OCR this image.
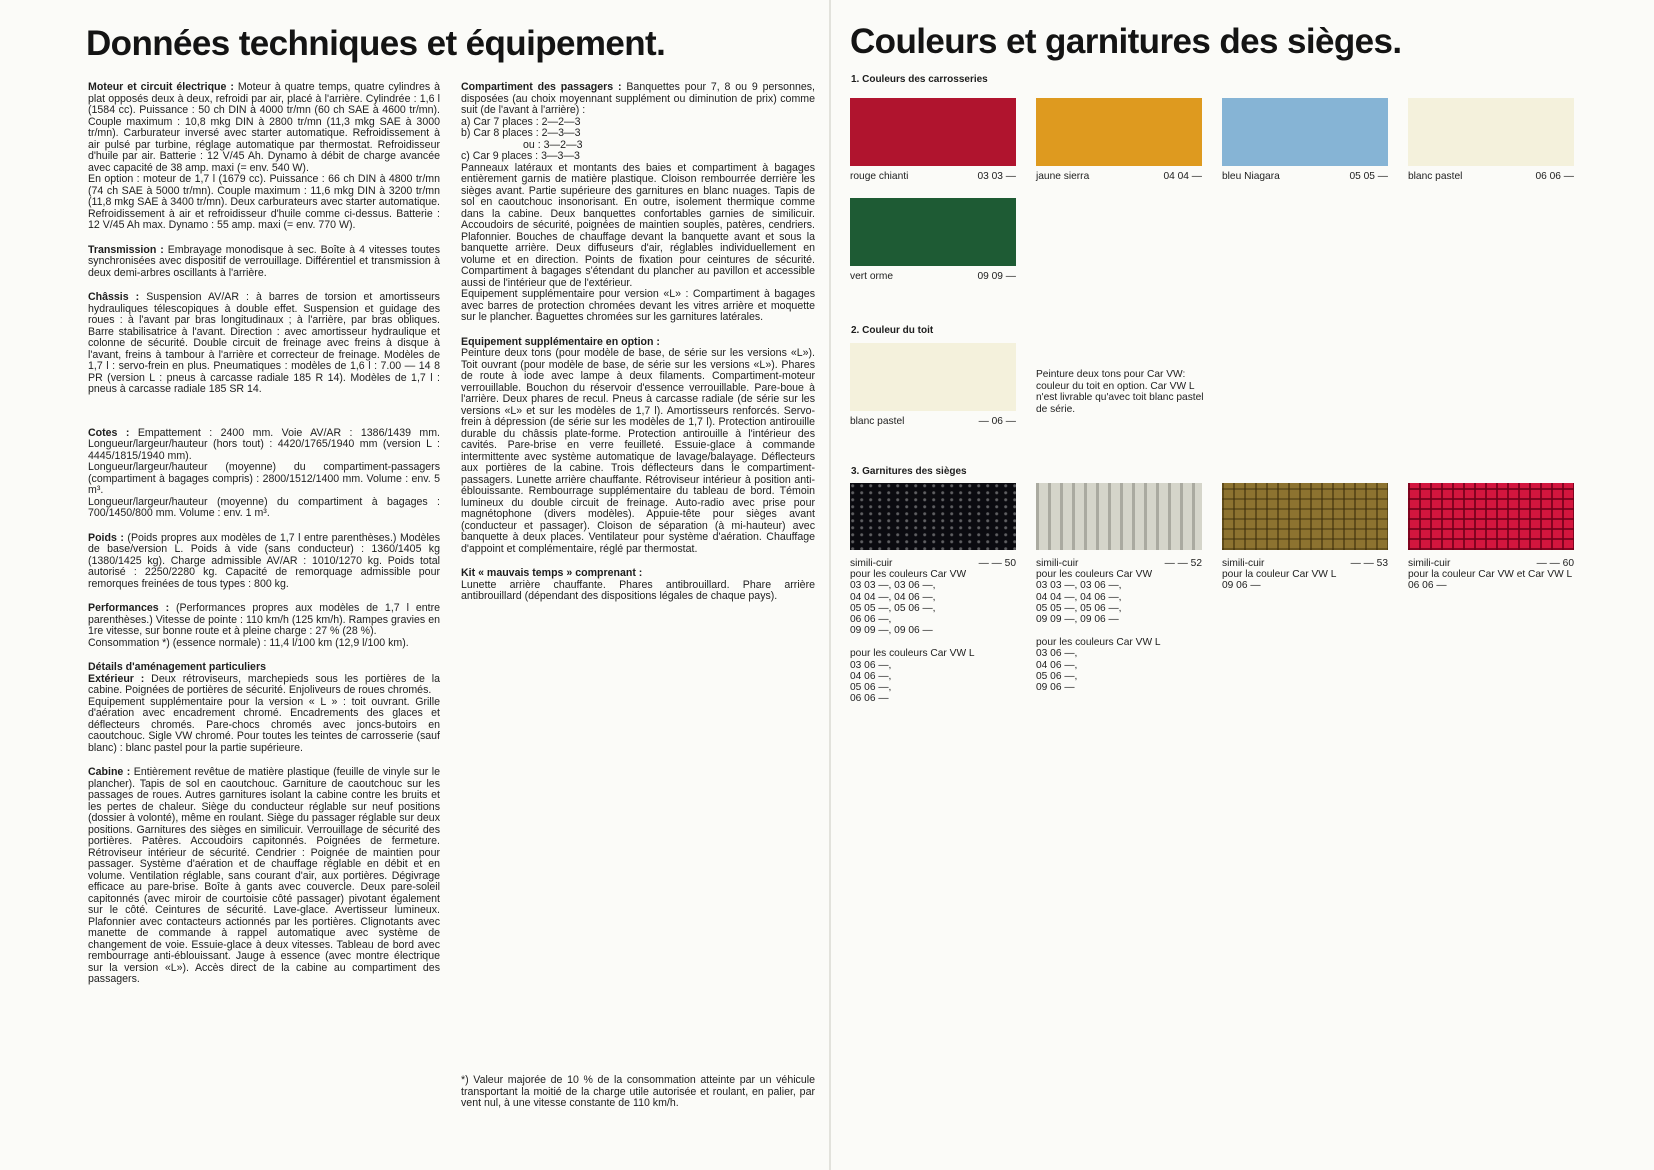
Données techniques et équipement.

Moteur et circuit électrique : Moteur à quatre temps, quatre cylindres à plat opposés deux à deux, refroidi par air, placé à l'arrière. Cylindrée : 1,6 l (1584 cc). Puissance : 50 ch DIN à 4000 tr/mn (60 ch SAE à 4600 tr/mn). Couple maximum : 10,8 mkg DIN à 2800 tr/mn (11,3 mkg SAE à 3000 tr/mn). Carburateur inversé avec starter automatique. Refroidissement à air pulsé par turbine, réglage automatique par thermostat. Refroidisseur d'huile par air. Batterie : 12 V/45 Ah. Dynamo à débit de charge avancée avec capacité de 38 amp. maxi (= env. 540 W).

En option : moteur de 1,7 l (1679 cc). Puissance : 66 ch DIN à 4800 tr/mn (74 ch SAE à 5000 tr/mn). Couple maximum : 11,6 mkg DIN à 3200 tr/mn (11,8 mkg SAE à 3400 tr/mn). Deux carburateurs avec starter automatique. Refroidissement à air et refroidisseur d'huile comme ci-dessus. Batterie : 12 V/45 Ah max. Dynamo : 55 amp. maxi (= env. 770 W).

Transmission : Embrayage monodisque à sec. Boîte à 4 vitesses toutes synchronisées avec dispositif de verrouillage. Différentiel et transmission à deux demi-arbres oscillants à l'arrière.

Châssis : Suspension AV/AR : à barres de torsion et amortisseurs hydrauliques télescopiques à double effet. Suspension et guidage des roues : à l'avant par bras longitudinaux ; à l'arrière, par bras obliques. Barre stabilisatrice à l'avant. Direction : avec amortisseur hydraulique et colonne de sécurité. Double circuit de freinage avec freins à disque à l'avant, freins à tambour à l'arrière et correcteur de freinage. Modèles de 1,7 l : servo-frein en plus. Pneumatiques : modèles de 1,6 l : 7.00 — 14 8 PR (version L : pneus à carcasse radiale 185 R 14). Modèles de 1,7 l : pneus à carcasse radiale 185 SR 14.

Cotes : Empattement : 2400 mm. Voie AV/AR : 1386/1439 mm. Longueur/largeur/hauteur (hors tout) : 4420/1765/1940 mm (version L : 4445/1815/1940 mm).
Longueur/largeur/hauteur (moyenne) du compartiment-passagers (compartiment à bagages compris) : 2800/1512/1400 mm. Volume : env. 5 m³.
Longueur/largeur/hauteur (moyenne) du compartiment à bagages : 700/1450/800 mm. Volume : env. 1 m³.

Poids : (Poids propres aux modèles de 1,7 l entre parenthèses.) Modèles de base/version L. Poids à vide (sans conducteur) : 1360/1405 kg (1380/1425 kg). Charge admissible AV/AR : 1010/1270 kg. Poids total autorisé : 2250/2280 kg. Capacité de remorquage admissible pour remorques freinées de tous types : 800 kg.

Performances : (Performances propres aux modèles de 1,7 l entre parenthèses.) Vitesse de pointe : 110 km/h (125 km/h). Rampes gravies en 1re vitesse, sur bonne route et à pleine charge : 27 % (28 %).
Consommation *) (essence normale) : 11,4 l/100 km (12,9 l/100 km).

Détails d'aménagement particuliers
Extérieur : Deux rétroviseurs, marchepieds sous les portières de la cabine. Poignées de portières de sécurité. Enjoliveurs de roues chromés.
Equipement supplémentaire pour la version « L » : toit ouvrant. Grille d'aération avec encadrement chromé. Encadrements des glaces et déflecteurs chromés. Pare-chocs chromés avec joncs-butoirs en caoutchouc. Sigle VW chromé. Pour toutes les teintes de carrosserie (sauf blanc) : blanc pastel pour la partie supérieure.

Cabine : Entièrement revêtue de matière plastique (feuille de vinyle sur le plancher). Tapis de sol en caoutchouc. Garniture de caoutchouc sur les passages de roues. Autres garnitures isolant la cabine contre les bruits et les pertes de chaleur. Siège du conducteur réglable sur neuf positions (dossier à volonté), même en roulant. Siège du passager réglable sur deux positions. Garnitures des sièges en similicuir. Verrouillage de sécurité des portières. Patères. Accoudoirs capitonnés. Poignées de fermeture. Rétroviseur intérieur de sécurité. Cendrier : Poignée de maintien pour passager. Système d'aération et de chauffage réglable en débit et en volume. Ventilation réglable, sans courant d'air, aux portières. Dégivrage efficace au pare-brise. Boîte à gants avec couvercle. Deux pare-soleil capitonnés (avec miroir de courtoisie côté passager) pivotant également sur le côté. Ceintures de sécurité. Lave-glace. Avertisseur lumineux. Plafonnier avec contacteurs actionnés par les portières. Clignotants avec manette de commande à rappel automatique avec système de changement de voie. Essuie-glace à deux vitesses. Tableau de bord avec rembourrage anti-éblouissant. Jauge à essence (avec montre électrique sur la version «L»). Accès direct de la cabine au compartiment des passagers.

Compartiment des passagers : Banquettes pour 7, 8 ou 9 personnes, disposées (au choix moyennant supplément ou diminution de prix) comme suit (de l'avant à l'arrière) :
a) Car 7 places : 2—2—3
b) Car 8 places : 2—3—3
ou : 3—2—3
c) Car 9 places : 3—3—3
Panneaux latéraux et montants des baies et compartiment à bagages entièrement garnis de matière plastique. Cloison rembourrée derrière les sièges avant. Partie supérieure des garnitures en blanc nuages. Tapis de sol en caoutchouc insonorisant. En outre, isolement thermique comme dans la cabine. Deux banquettes confortables garnies de similicuir. Accoudoirs de sécurité, poignées de maintien souples, patères, cendriers. Plafonnier. Bouches de chauffage devant la banquette avant et sous la banquette arrière. Deux diffuseurs d'air, réglables individuellement en volume et en direction. Points de fixation pour ceintures de sécurité. Compartiment à bagages s'étendant du plancher au pavillon et accessible aussi de l'intérieur que de l'extérieur.
Equipement supplémentaire pour version «L» : Compartiment à bagages avec barres de protection chromées devant les vitres arrière et moquette sur le plancher. Baguettes chromées sur les garnitures latérales.

Equipement supplémentaire en option :
Peinture deux tons (pour modèle de base, de série sur les versions «L»). Toit ouvrant (pour modèle de base, de série sur les versions «L»). Phares de route à iode avec lampe à deux filaments. Compartiment-moteur verrouillable. Bouchon du réservoir d'essence verrouillable. Pare-boue à l'arrière. Deux phares de recul. Pneus à carcasse radiale (de série sur les versions «L» et sur les modèles de 1,7 l). Amortisseurs renforcés. Servo-frein à dépression (de série sur les modèles de 1,7 l). Protection antirouille durable du châssis plate-forme. Protection antirouille à l'intérieur des cavités. Pare-brise en verre feuilleté. Essuie-glace à commande intermittente avec système automatique de lavage/balayage. Déflecteurs aux portières de la cabine. Trois déflecteurs dans le compartiment-passagers. Lunette arrière chauffante. Rétroviseur intérieur à position anti-éblouissante. Rembourrage supplémentaire du tableau de bord. Témoin lumineux du double circuit de freinage. Auto-radio avec prise pour magnétophone (divers modèles). Appuie-tête pour sièges avant (conducteur et passager). Cloison de séparation (à mi-hauteur) avec banquette à deux places. Ventilateur pour système d'aération. Chauffage d'appoint et complémentaire, réglé par thermostat.

Kit « mauvais temps » comprenant :
Lunette arrière chauffante. Phares antibrouillard. Phare arrière antibrouillard (dépendant des dispositions légales de chaque pays).

*) Valeur majorée de 10 % de la consommation atteinte par un véhicule transportant la moitié de la charge utile autorisée et roulant, en palier, par vent nul, à une vitesse constante de 110 km/h.
Couleurs et garnitures des sièges.
1. Couleurs des carrosseries
rouge chianti	03 03 — jaune sierra	04 04 — bleu Niagara	05 05 — blanc pastel	06 06 —
vert orme	09 09 —
2. Couleur du toit
blanc pastel	— 06 —
Peinture deux tons pour Car VW: couleur du toit en option. Car VW L n'est livrable qu'avec toit blanc pastel de série.
3. Garnitures des sièges
simili-cuir	— — 50
pour les couleurs Car VW
03 03 —, 03 06 —,
04 04 —, 04 06 —,
05 05 —, 05 06 —,
06 06 —,
09 09 —, 09 06 —
pour les couleurs Car VW L
03 06 —,
04 06 —,
05 06 —,
06 06 —
simili-cuir	— — 52
pour les couleurs Car VW
03 03 —, 03 06 —,
04 04 —, 04 06 —,
05 05 —, 05 06 —,
09 09 —, 09 06 —
pour les couleurs Car VW L
03 06 —,
04 06 —,
05 06 —,
09 06 —
simili-cuir	— — 53
pour la couleur Car VW L
09 06 —
simili-cuir	— — 60
pour la couleur Car VW et Car VW L
06 06 —
